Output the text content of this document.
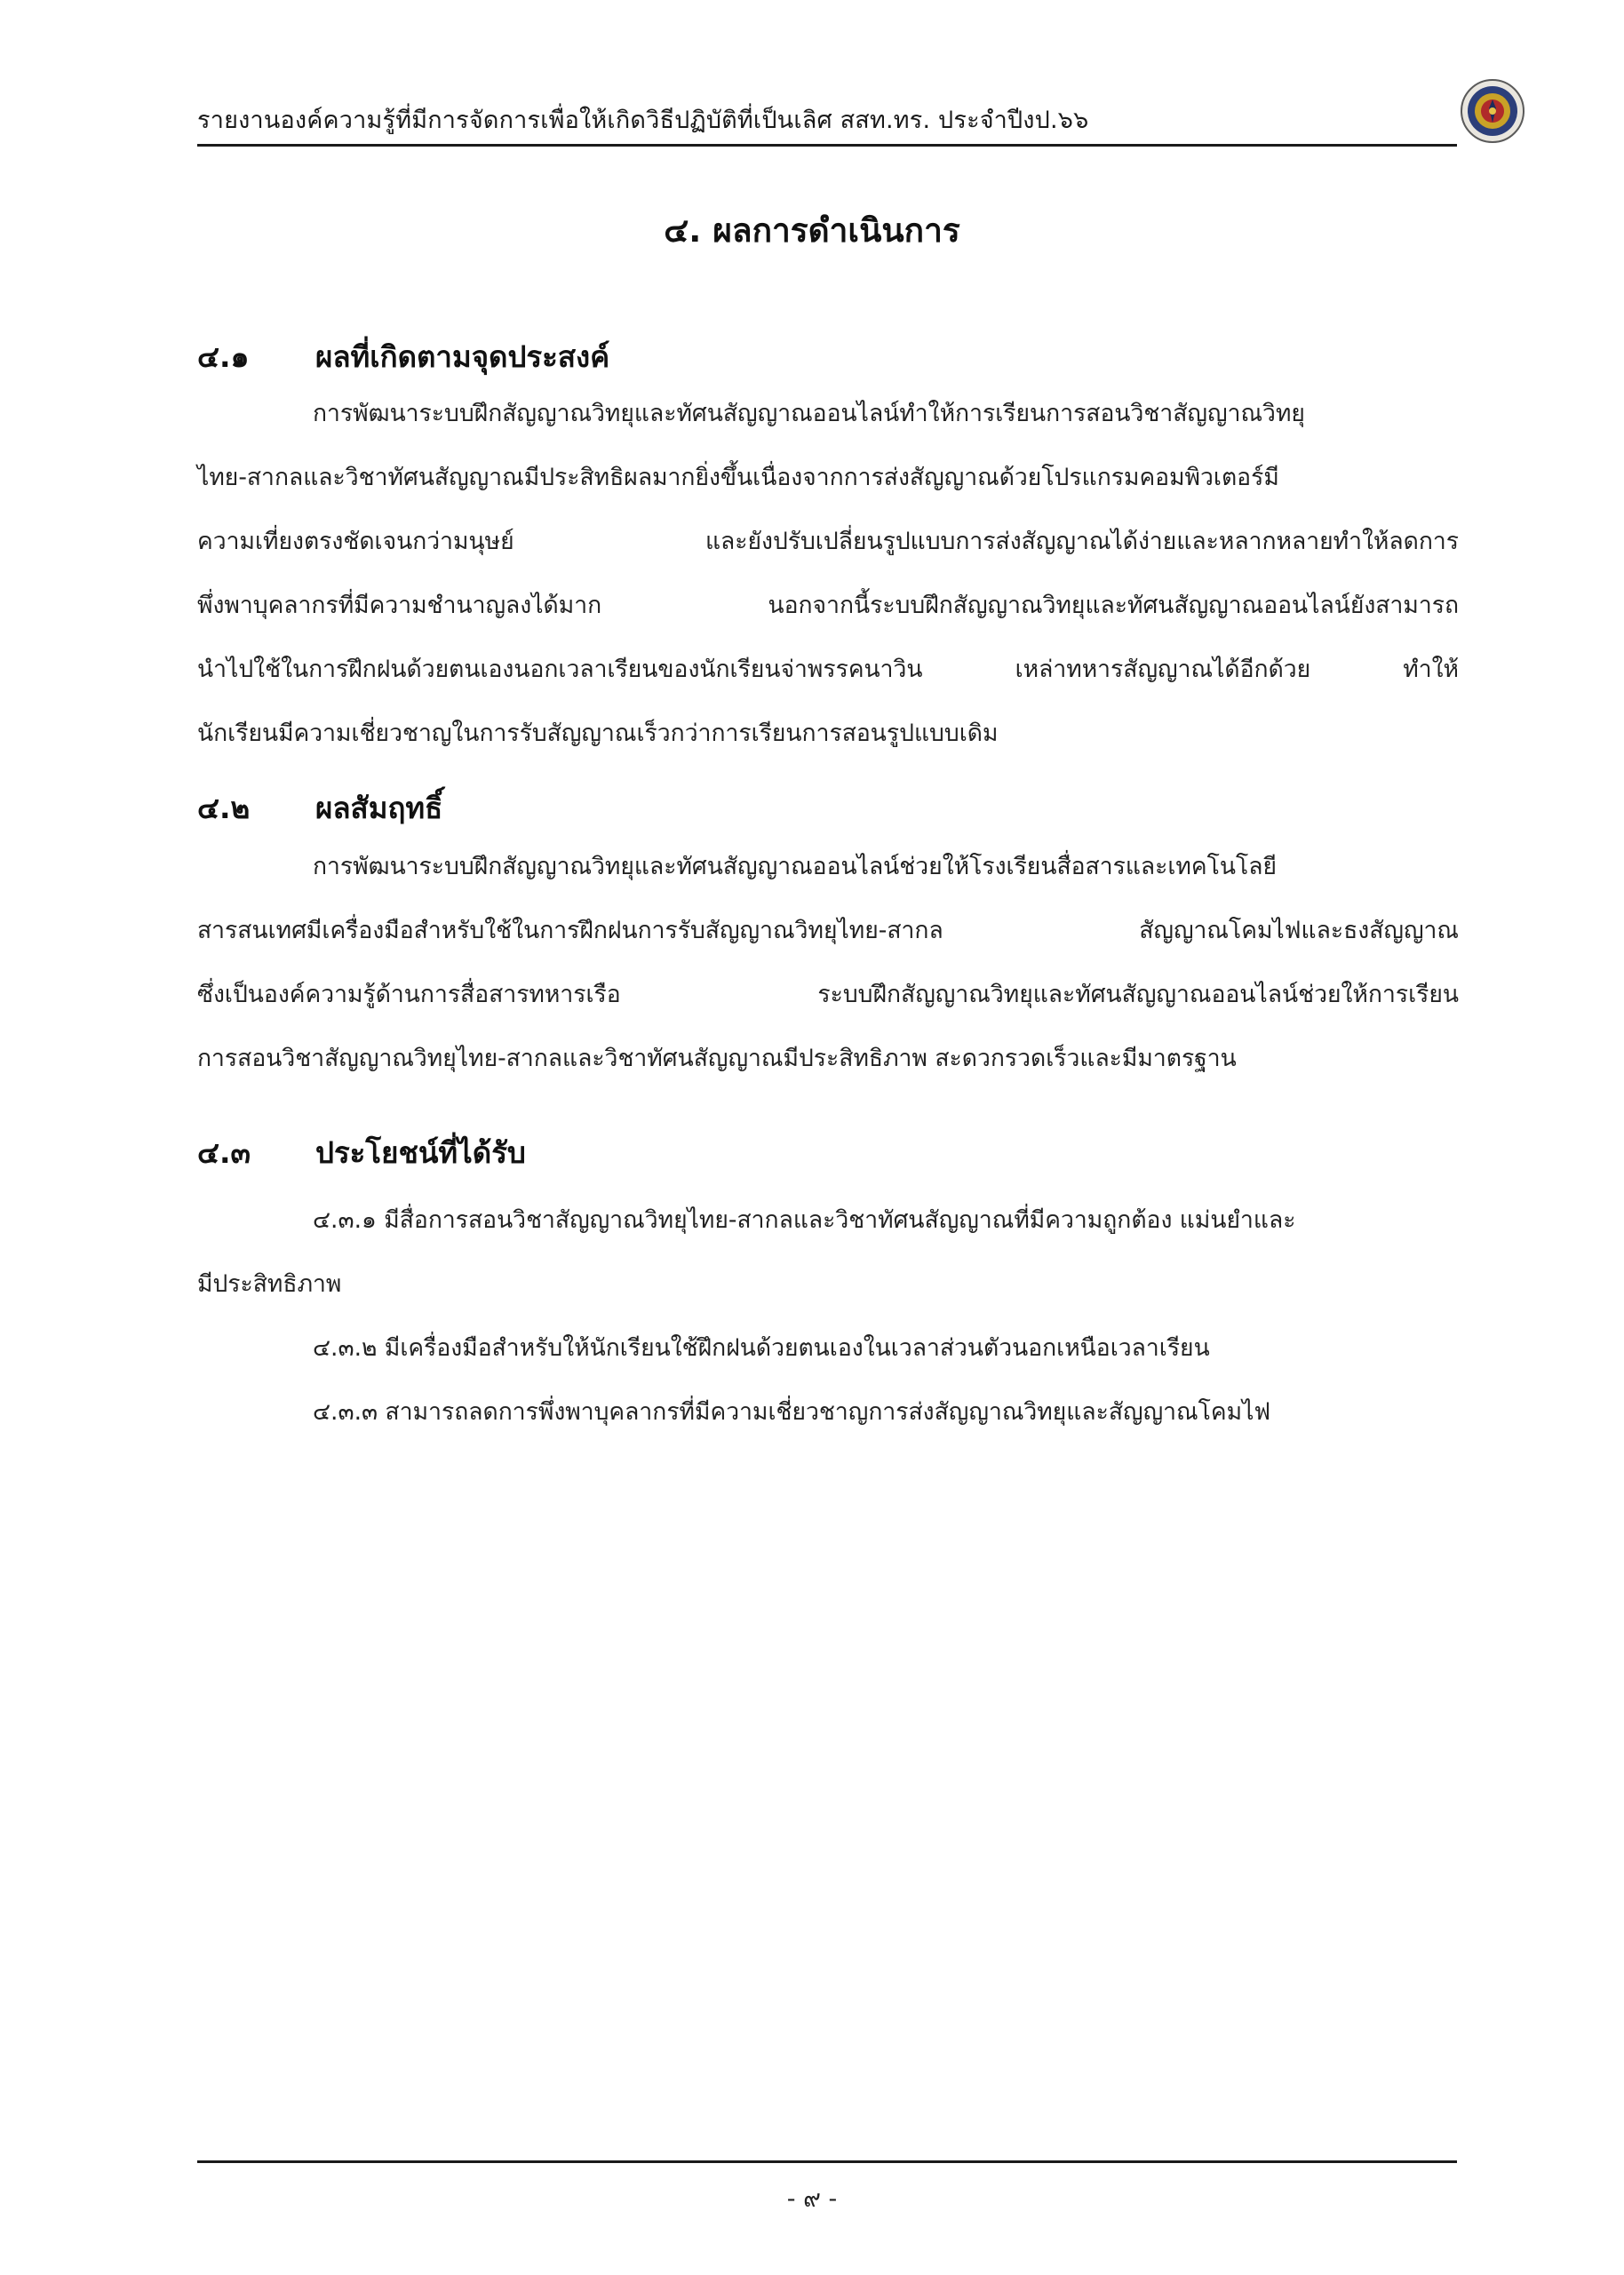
รายงานองค์ความรู้ที่มีการจัดการเพื่อให้เกิดวิธีปฏิบัติที่เป็นเลิศ สสท.ทร. ประจำปีงป.๖๖
๔. ผลการดำเนินการ
๔.๑ ผลที่เกิดตามจุดประสงค์
การพัฒนาระบบฝึกสัญญาณวิทยุและทัศนสัญญาณออนไลน์ทำให้การเรียนการสอนวิชาสัญญาณวิทยุ
ไทย-สากลและวิชาทัศนสัญญาณมีประสิทธิผลมากยิ่งขึ้นเนื่องจากการส่งสัญญาณด้วยโปรแกรมคอมพิวเตอร์มี
ความเที่ยงตรงชัดเจนกว่ามนุษย์ และยังปรับเปลี่ยนรูปแบบการส่งสัญญาณได้ง่ายและหลากหลายทำให้ลดการ
พึ่งพาบุคลากรที่มีความชำนาญลงได้มาก นอกจากนี้ระบบฝึกสัญญาณวิทยุและทัศนสัญญาณออนไลน์ยังสามารถ
นำไปใช้ในการฝึกฝนด้วยตนเองนอกเวลาเรียนของนักเรียนจ่าพรรคนาวิน เหล่าทหารสัญญาณได้อีกด้วย ทำให้
นักเรียนมีความเชี่ยวชาญในการรับสัญญาณเร็วกว่าการเรียนการสอนรูปแบบเดิม
๔.๒ ผลสัมฤทธิ์
การพัฒนาระบบฝึกสัญญาณวิทยุและทัศนสัญญาณออนไลน์ช่วยให้โรงเรียนสื่อสารและเทคโนโลยี
สารสนเทศมีเครื่องมือสำหรับใช้ในการฝึกฝนการรับสัญญาณวิทยุไทย-สากล สัญญาณโคมไฟและธงสัญญาณ
ซึ่งเป็นองค์ความรู้ด้านการสื่อสารทหารเรือ ระบบฝึกสัญญาณวิทยุและทัศนสัญญาณออนไลน์ช่วยให้การเรียน
การสอนวิชาสัญญาณวิทยุไทย-สากลและวิชาทัศนสัญญาณมีประสิทธิภาพ สะดวกรวดเร็วและมีมาตรฐาน
๔.๓ ประโยชน์ที่ได้รับ
๔.๓.๑ มีสื่อการสอนวิชาสัญญาณวิทยุไทย-สากลและวิชาทัศนสัญญาณที่มีความถูกต้อง แม่นยำและ
มีประสิทธิภาพ
๔.๓.๒ มีเครื่องมือสำหรับให้นักเรียนใช้ฝึกฝนด้วยตนเองในเวลาส่วนตัวนอกเหนือเวลาเรียน
๔.๓.๓ สามารถลดการพึ่งพาบุคลากรที่มีความเชี่ยวชาญการส่งสัญญาณวิทยุและสัญญาณโคมไฟ
- ๙ -
